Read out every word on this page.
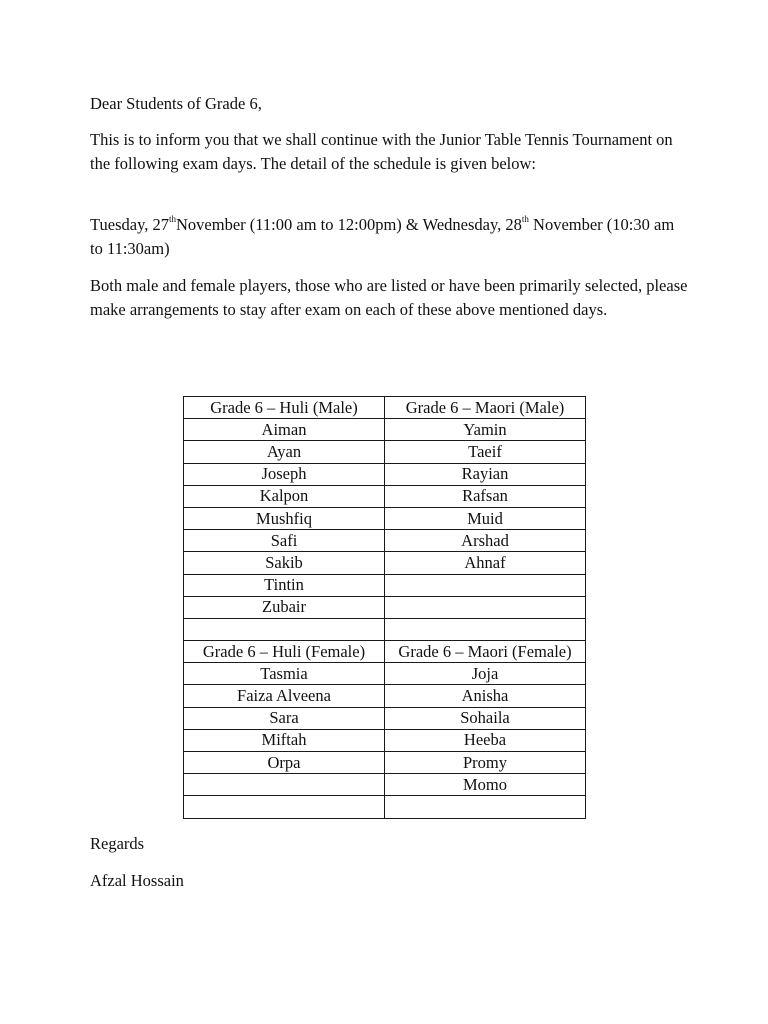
Dear Students of Grade 6,

This is to inform you that we shall continue with the Junior Table Tennis Tournament on the following exam days. The detail of the schedule is given below:

Tuesday, 27thNovember (11:00 am to 12:00pm) & Wednesday, 28th November (10:30 am to 11:30am)

Both male and female players, those who are listed or have been primarily selected, please make arrangements to stay after exam on each of these above mentioned days.

Grade 6 – Huli (Male)	Grade 6 – Maori (Male)
Aiman	Yamin
Ayan	Taeif
Joseph	Rayian
Kalpon	Rafsan
Mushfiq	Muid
Safi	Arshad
Sakib	Ahnaf
Tintin	
Zubair	

Grade 6 – Huli (Female)	Grade 6 – Maori (Female)
Tasmia	Joja
Faiza Alveena	Anisha
Sara	Sohaila
Miftah	Heeba
Orpa	Promy
	Momo

Regards

Afzal Hossain
